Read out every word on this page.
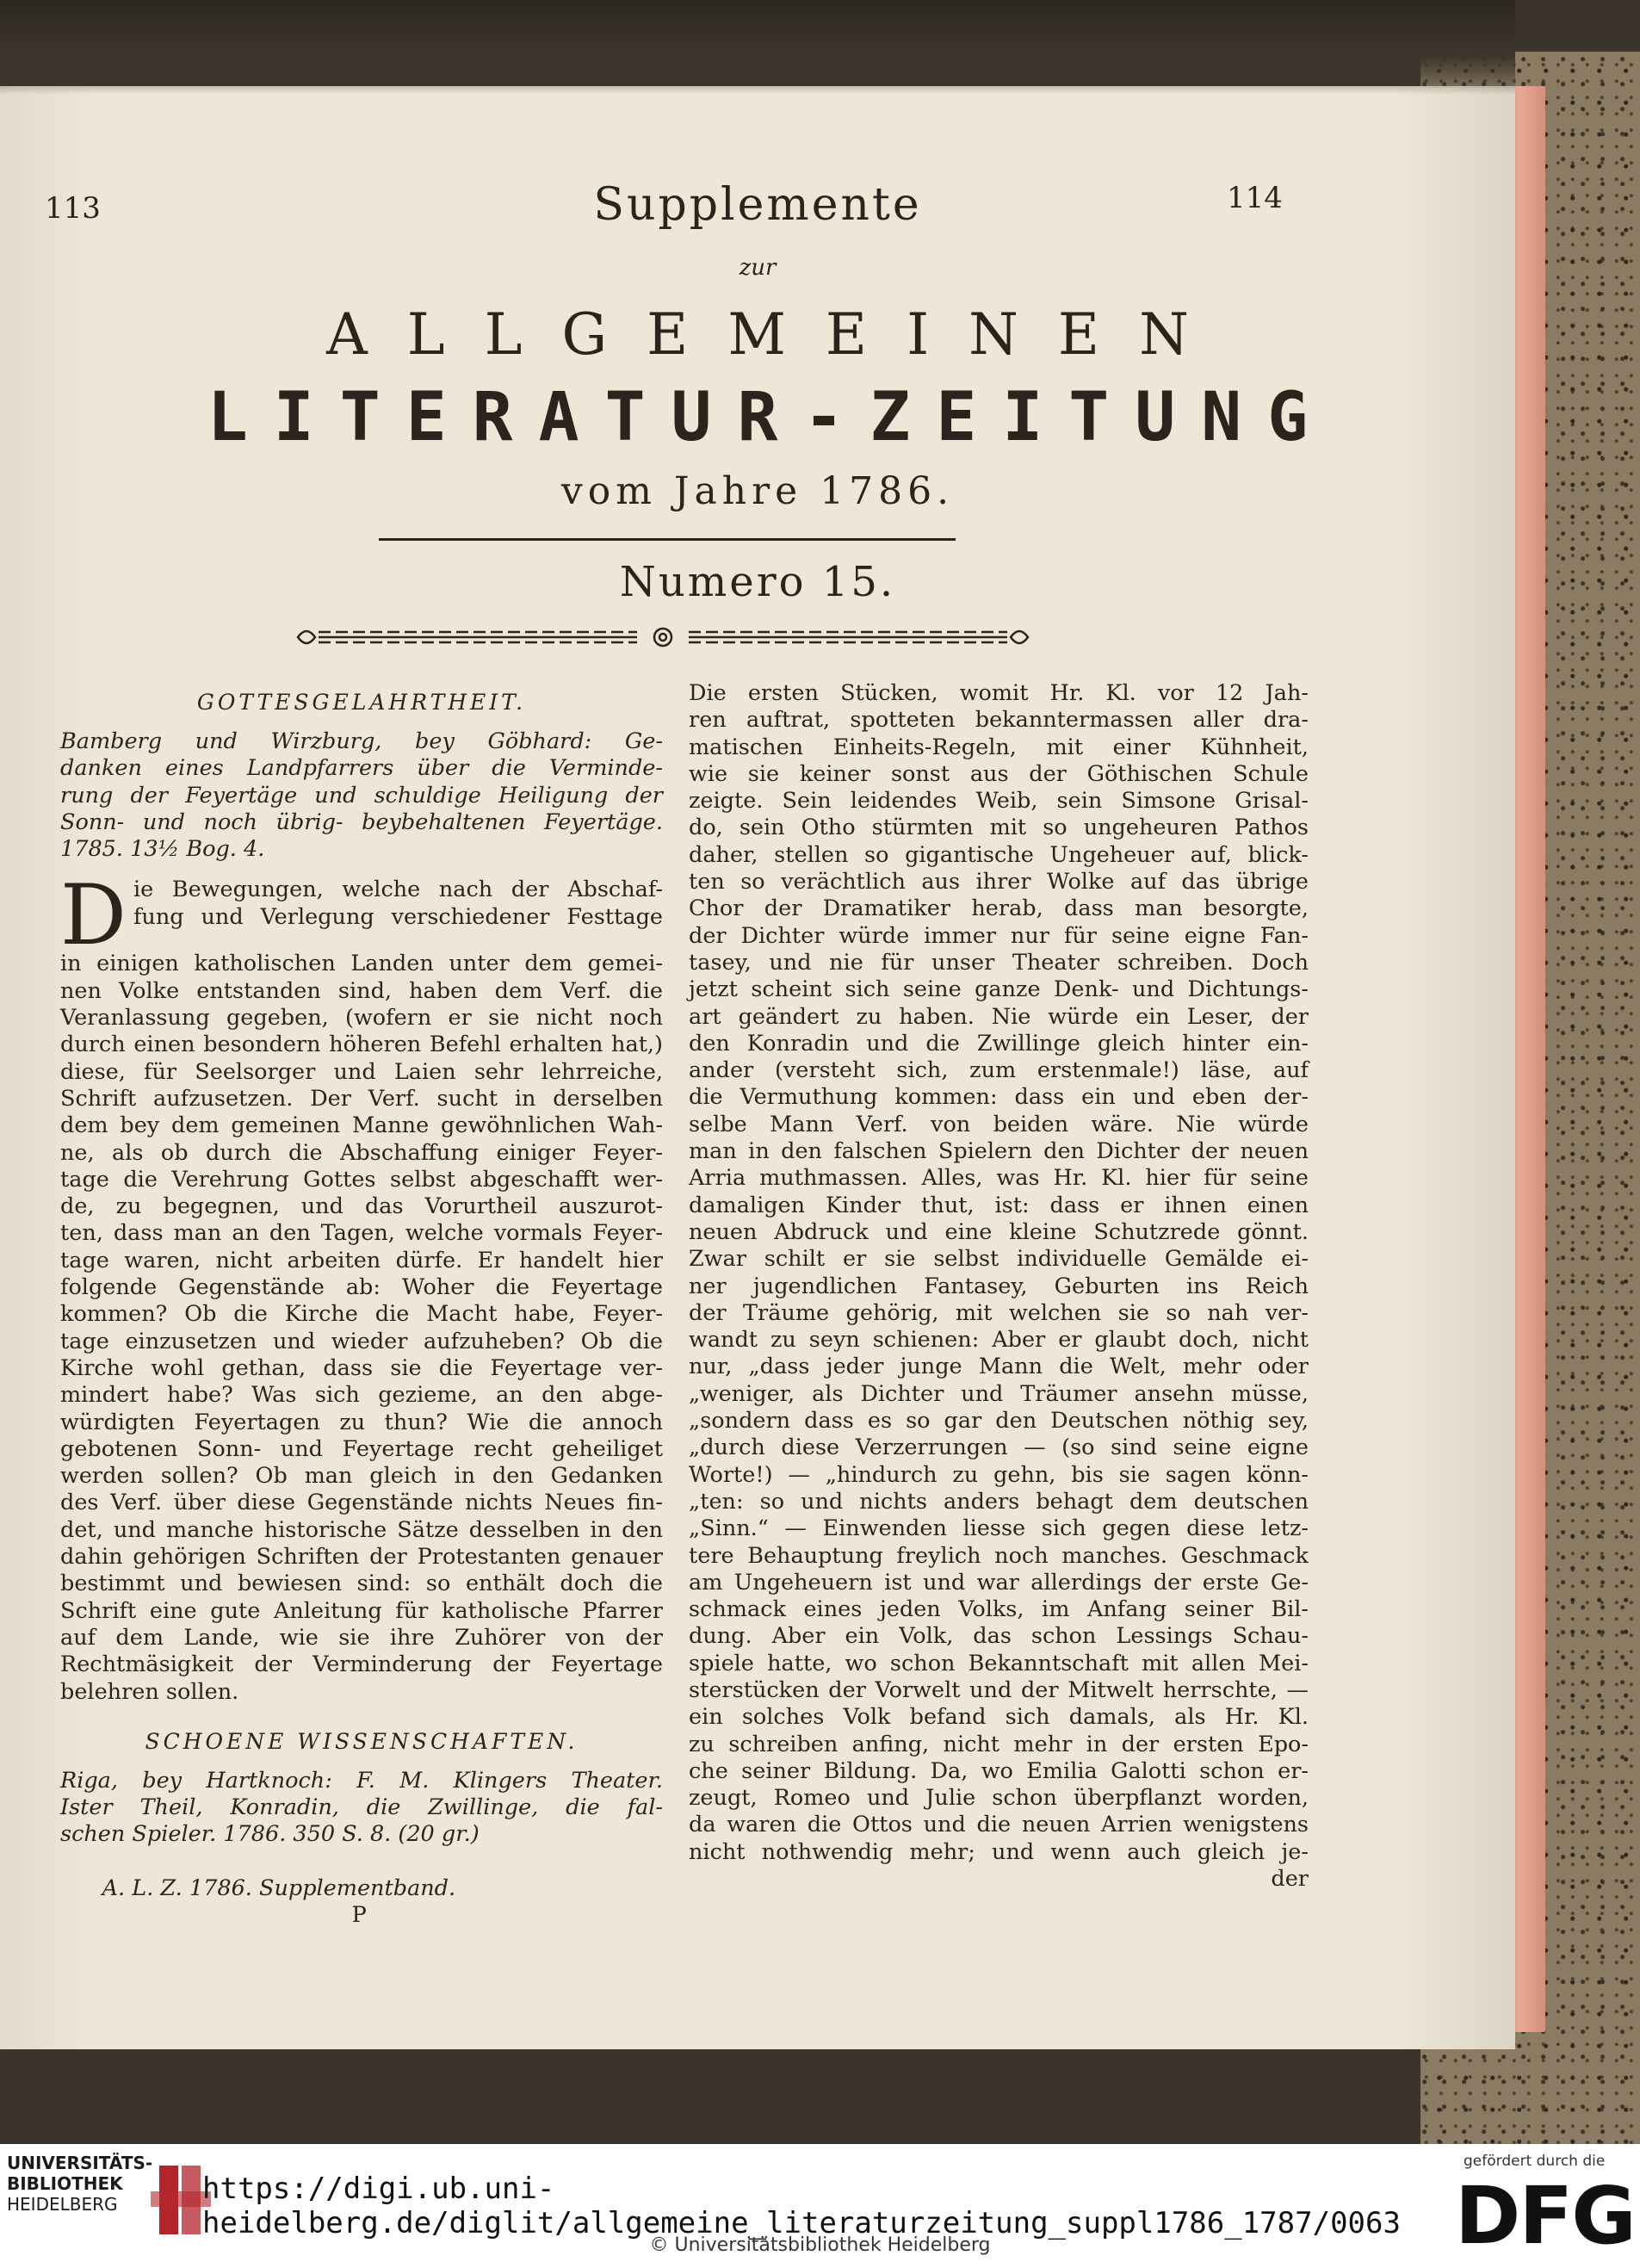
113	114
Supplemente
zur
ALLGEMEINEN
LITERATUR-ZEITUNG
vom Jahre 1786.
Numero 15.
GOTTESGELAHRTHEIT.
Bamberg und Wirzburg, bey Göbhard: Ge-
danken eines Landpfarrers über die Verminde-
rung der Feyertäge und schuldige Heiligung der
Sonn- und noch übrig- beybehaltenen Feyertäge.
1785. 13½ Bog. 4.
D ie Bewegungen, welche nach der Abschaf-
fung und Verlegung verschiedener Festtage
in einigen katholischen Landen unter dem gemei-
nen Volke entstanden sind, haben dem Verf. die
Veranlassung gegeben, (wofern er sie nicht noch
durch einen besondern höheren Befehl erhalten hat,)
diese, für Seelsorger und Laien sehr lehrreiche,
Schrift aufzusetzen. Der Verf. sucht in derselben
dem bey dem gemeinen Manne gewöhnlichen Wah-
ne, als ob durch die Abschaffung einiger Feyer-
tage die Verehrung Gottes selbst abgeschafft wer-
de, zu begegnen, und das Vorurtheil auszurot-
ten, dass man an den Tagen, welche vormals Feyer-
tage waren, nicht arbeiten dürfe. Er handelt hier
folgende Gegenstände ab: Woher die Feyertage
kommen? Ob die Kirche die Macht habe, Feyer-
tage einzusetzen und wieder aufzuheben? Ob die
Kirche wohl gethan, dass sie die Feyertage ver-
mindert habe? Was sich gezieme, an den abge-
würdigten Feyertagen zu thun? Wie die annoch
gebotenen Sonn- und Feyertage recht geheiliget
werden sollen? Ob man gleich in den Gedanken
des Verf. über diese Gegenstände nichts Neues fin-
det, und manche historische Sätze desselben in den
dahin gehörigen Schriften der Protestanten genauer
bestimmt und bewiesen sind: so enthält doch die
Schrift eine gute Anleitung für katholische Pfarrer
auf dem Lande, wie sie ihre Zuhörer von der
Rechtmäsigkeit der Verminderung der Feyertage
belehren sollen.
SCHOENE WISSENSCHAFTEN.
Riga, bey Hartknoch: F. M. Klingers Theater.
Ister Theil, Konradin, die Zwillinge, die fal-
schen Spieler. 1786. 350 S. 8. (20 gr.)

A. L. Z. 1786. Supplementband.
P

Die ersten Stücken, womit Hr. Kl. vor 12 Jah-
ren auftrat, spotteten bekanntermassen aller dra-
matischen Einheits-Regeln, mit einer Kühnheit,
wie sie keiner sonst aus der Göthischen Schule
zeigte. Sein leidendes Weib, sein Simsone Grisal-
do, sein Otho stürmten mit so ungeheuren Pathos
daher, stellen so gigantische Ungeheuer auf, blick-
ten so verächtlich aus ihrer Wolke auf das übrige
Chor der Dramatiker herab, dass man besorgte,
der Dichter würde immer nur für seine eigne Fan-
tasey, und nie für unser Theater schreiben. Doch
jetzt scheint sich seine ganze Denk- und Dichtungs-
art geändert zu haben. Nie würde ein Leser, der
den Konradin und die Zwillinge gleich hinter ein-
ander (versteht sich, zum erstenmale!) läse, auf
die Vermuthung kommen: dass ein und eben der-
selbe Mann Verf. von beiden wäre. Nie würde
man in den falschen Spielern den Dichter der neuen
Arria muthmassen. Alles, was Hr. Kl. hier für seine
damaligen Kinder thut, ist: dass er ihnen einen
neuen Abdruck und eine kleine Schutzrede gönnt.
Zwar schilt er sie selbst individuelle Gemälde ei-
ner jugendlichen Fantasey, Geburten ins Reich
der Träume gehörig, mit welchen sie so nah ver-
wandt zu seyn schienen: Aber er glaubt doch, nicht
nur, „dass jeder junge Mann die Welt, mehr oder
„weniger, als Dichter und Träumer ansehn müsse,
„sondern dass es so gar den Deutschen nöthig sey,
„durch diese Verzerrungen — (so sind seine eigne
Worte!) — „hindurch zu gehn, bis sie sagen könn-
„ten: so und nichts anders behagt dem deutschen
„Sinn.“ — Einwenden liesse sich gegen diese letz-
tere Behauptung freylich noch manches. Geschmack
am Ungeheuern ist und war allerdings der erste Ge-
schmack eines jeden Volks, im Anfang seiner Bil-
dung. Aber ein Volk, das schon Lessings Schau-
spiele hatte, wo schon Bekanntschaft mit allen Mei-
sterstücken der Vorwelt und der Mitwelt herrschte, —
ein solches Volk befand sich damals, als Hr. Kl.
zu schreiben anfing, nicht mehr in der ersten Epo-
che seiner Bildung. Da, wo Emilia Galotti schon er-
zeugt, Romeo und Julie schon überpflanzt worden,
da waren die Ottos und die neuen Arrien wenigstens
nicht nothwendig mehr; und wenn auch gleich je-
der
UNIVERSITÄTS-
BIBLIOTHEK
HEIDELBERG	https://digi.ub.uni-heidelberg.de/diglit/allgemeine_literaturzeitung_suppl1786_1787/0063
© Universitätsbibliothek Heidelberg
gefördert durch die
DFG
